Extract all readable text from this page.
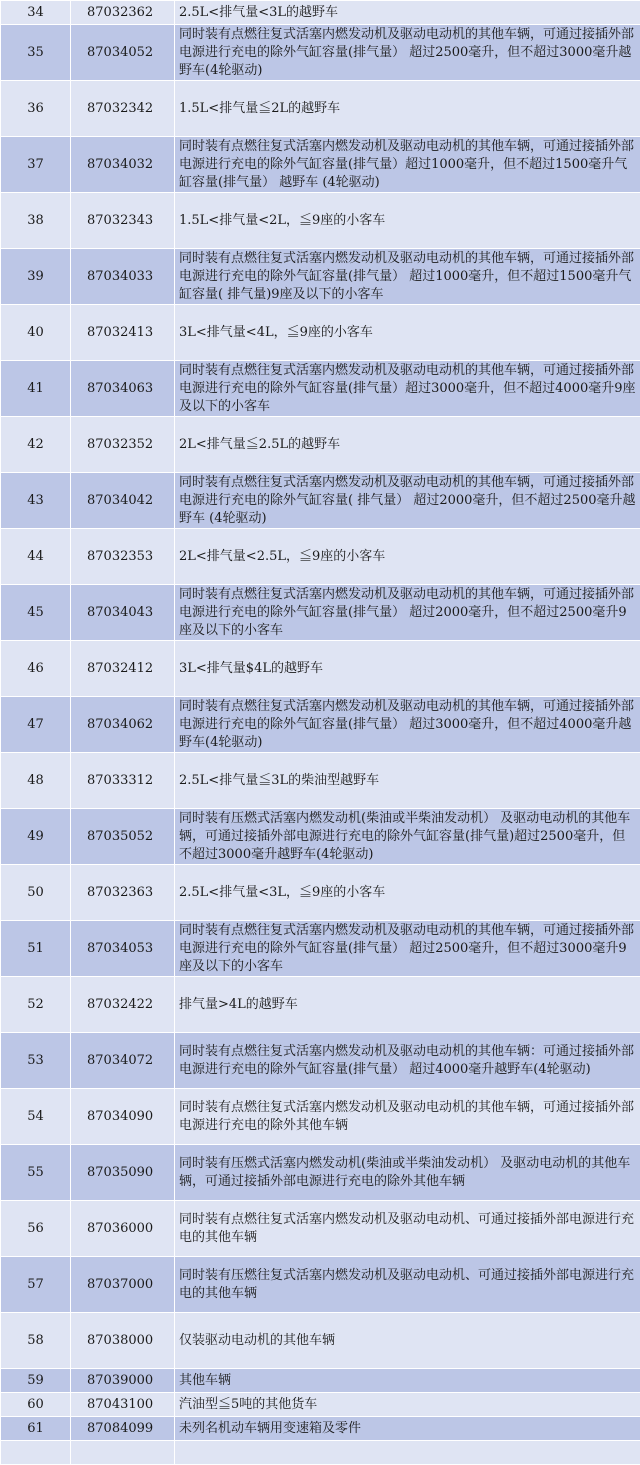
34	87032362	2.5L<排气量<3L的越野车
35	87034052	同时装有点燃往复式活塞内燃发动机及驱动电动机的其他车辆，可通过接插外部电源进行充电的除外气缸容量(排气量） 超过2500毫升，但不超过3000毫升越野车(4轮驱动)
36	87032342	1.5L<排气量≦2L的越野车
37	87034032	同时装有点燃往复式活塞内燃发动机及驱动电动机的其他车辆，可通过接插外部电源进行充电的除外气缸容量(排气量）超过1000毫升，但不超过1500毫升气缸容量(排气量） 越野车 (4轮驱动)
38	87032343	1.5L<排气量<2L，≦9座的小客车
39	87034033	同时装有点燃往复式活塞内燃发动机及驱动电动机的其他车辆，可通过接插外部电源进行充电的除外气缸容量(排气量） 超过1000毫升，但不超过1500毫升气缸容量( 排气量)9座及以下的小客车
40	87032413	3L<排气量<4L，≦9座的小客车
41	87034063	同时装有点燃往复式活塞内燃发动机及驱动电动机的其他车辆，可通过接插外部电源进行充电的除外气缸容量(排气量）超过3000毫升，但不超过4000毫升9座及以下的小客车
42	87032352	2L<排气量≦2.5L的越野车
43	87034042	同时装有点燃往复式活塞内燃发动机及驱动电动机的其他车辆，可通过接插外部电源进行充电的除外气缸容量( 排气量） 超过2000毫升，但不超过2500毫升越野车 (4轮驱动)
44	87032353	2L<排气量<2.5L，≦9座的小客车
45	87034043	同时装有点燃往复式活塞内燃发动机及驱动电动机的其他车辆，可通过接插外部电源进行充电的除外气缸容量(排气量） 超过2000毫升，但不超过2500毫升9座及以下的小客车
46	87032412	3L<排气量$4L的越野车
47	87034062	同时装有点燃往复式活塞内燃发动机及驱动电动机的其他车辆，可通过接插外部电源进行充电的除外气缸容量(排气量） 超过3000毫升，但不超过4000毫升越野车(4轮驱动)
48	87033312	2.5L<排气量≦3L的柴油型越野车
49	87035052	同时装有压燃式活塞内燃发动机(柴油或半柴油发动机） 及驱动电动机的其他车辆，可通过接插外部电源进行充电的除外气缸容量(排气量)超过2500毫升，但不超过3000毫升越野车(4轮驱动)
50	87032363	2.5L<排气量<3L，≦9座的小客车
51	87034053	同时装有点燃往复式活塞内燃发动机及驱动电动机的其他车辆，可通过接插外部电源进行充电的除外气缸容量(排气量） 超过2500毫升，但不超过3000毫升9座及以下的小客车
52	87032422	排气量>4L的越野车
53	87034072	同时装有点燃往复式活塞内燃发动机及驱动电动机的其他车辆：可通过接插外部电源进行充电的除外气缸容量(排气量） 超过4000毫升越野车(4轮驱动)
54	87034090	同时装有点燃往复式活塞内燃发动机及驱动电动机的其他车辆，可通过接插外部电源进行充电的除外其他车辆
55	87035090	同时装有压燃式活塞内燃发动机(柴油或半柴油发动机） 及驱动电动机的其他车辆，可通过接插外部电源进行充电的除外其他车辆
56	87036000	同时装有点燃往复式活塞内燃发动机及驱动电动机、可通过接插外部电源进行充电的其他车辆
57	87037000	同时装有压燃往复式活塞内燃发动机及驱动电动机、可通过接插外部电源进行充电的其他车辆
58	87038000	仅装驱动电动机的其他车辆
59	87039000	其他车辆
60	87043100	汽油型≦5吨的其他货车
61	87084099	未列名机动车辆用变速箱及零件
